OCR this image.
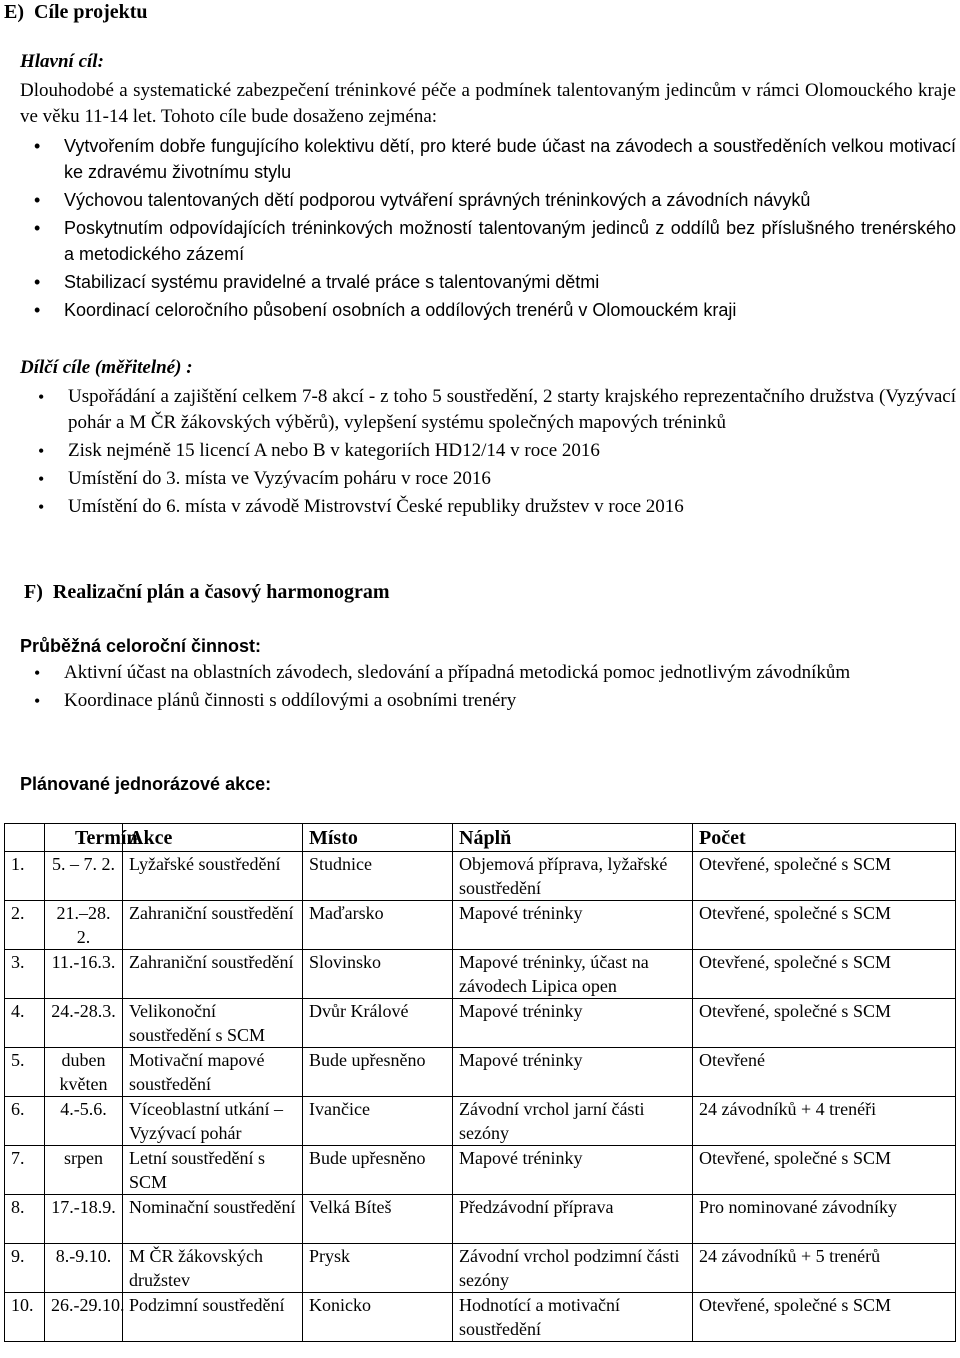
E)  Cíle projektu
Hlavní cíl:
Dlouhodobé a systematické zabezpečení tréninkové péče a podmínek talentovaným jedincům v rámci Olomouckého kraje ve věku 11-14 let. Tohoto cíle bude dosaženo zejména:
• Vytvořením dobře fungujícího kolektivu dětí, pro které bude účast na závodech a soustředěních velkou motivací ke zdravému životnímu stylu
• Výchovou talentovaných dětí podporou vytváření správných tréninkových a závodních návyků
• Poskytnutím odpovídajících tréninkových možností talentovaným jedinců z oddílů bez příslušného trenérského a metodického zázemí
• Stabilizací systému pravidelné a trvalé práce s talentovanými dětmi
• Koordinací celoročního působení osobních a oddílových trenérů v Olomouckém kraji
Dílčí cíle (měřitelné) :
• Uspořádání a zajištění celkem 7-8 akcí - z toho 5 soustředění, 2 starty krajského reprezentačního družstva (Vyzývací pohár a M ČR žákovských výběrů), vylepšení systému společných mapových tréninků
• Zisk nejméně 15 licencí A nebo B v kategoriích HD12/14 v roce 2016
• Umístění do 3. místa ve Vyzývacím poháru v roce 2016
• Umístění do 6. místa v závodě Mistrovství České republiky družstev v roce 2016
F)  Realizační plán a časový harmonogram
Průběžná celoroční činnost:
• Aktivní účast na oblastních závodech, sledování a případná metodická pomoc jednotlivým závodníkům
• Koordinace plánů činnosti s oddílovými a osobními trenéry
Plánované jednorázové akce:
	Termín	Akce	Místo	Náplň	Počet
1.	5. – 7. 2.	Lyžařské soustředění	Studnice	Objemová příprava, lyžařské soustředění	Otevřené, společné s SCM
2.	21.–28. 2.	Zahraniční soustředění	Maďarsko	Mapové tréninky	Otevřené, společné s SCM
3.	11.-16.3.	Zahraniční soustředění	Slovinsko	Mapové tréninky, účast na závodech Lipica open	Otevřené, společné s SCM
4.	24.-28.3.	Velikonoční soustředění s SCM	Dvůr Králové	Mapové tréninky	Otevřené, společné s SCM
5.	duben květen	Motivační mapové soustředění	Bude upřesněno	Mapové tréninky	Otevřené
6.	4.-5.6.	Víceoblastní utkání – Vyzývací pohár	Ivančice	Závodní vrchol jarní části sezóny	24 závodníků + 4 trenéři
7.	srpen	Letní soustředění s SCM	Bude upřesněno	Mapové tréninky	Otevřené, společné s SCM
8.	17.-18.9.	Nominační soustředění	Velká Bíteš	Předzávodní příprava	Pro nominované závodníky
9.	8.-9.10.	M ČR žákovských družstev	Prysk	Závodní vrchol podzimní části sezóny	24 závodníků + 5 trenérů
10.	26.-29.10.	Podzimní soustředění	Konicko	Hodnotící a motivační soustředění	Otevřené, společné s SCM
